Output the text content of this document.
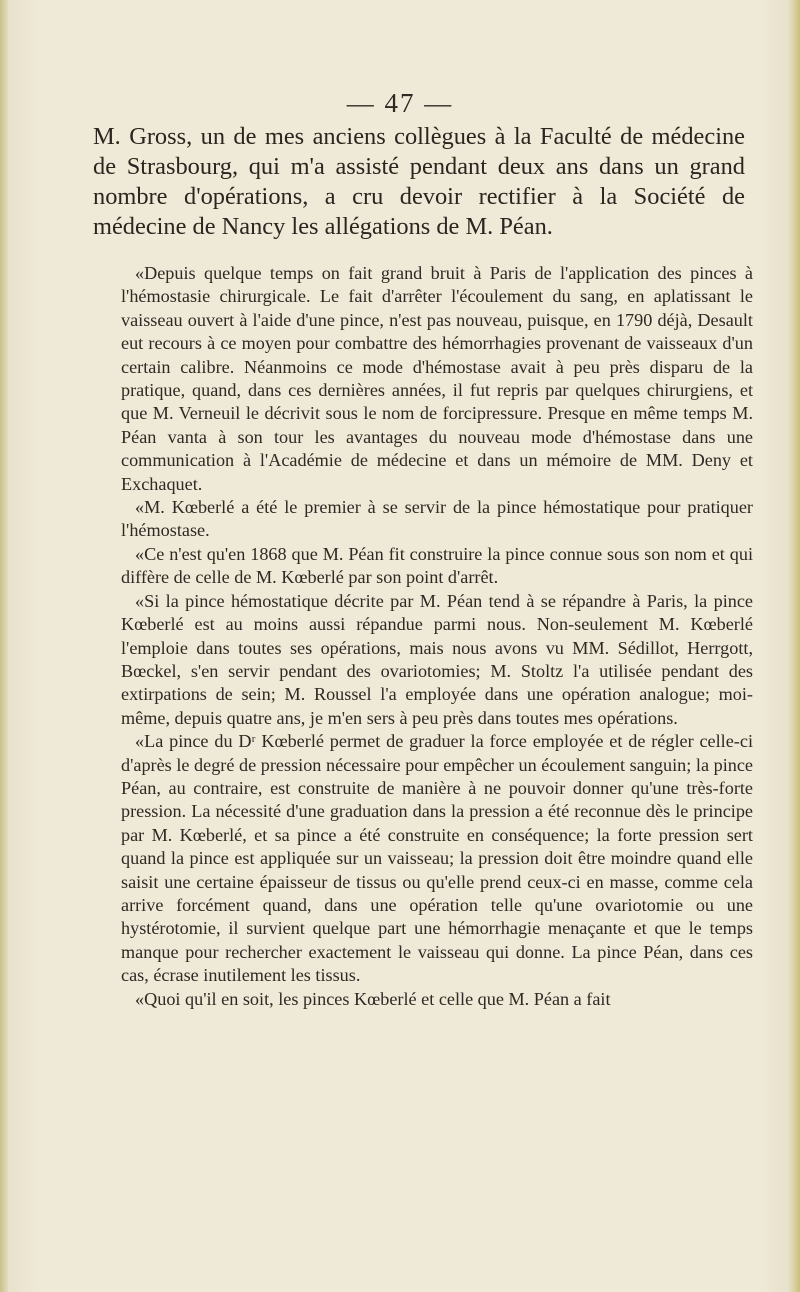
— 47 —
M. Gross, un de mes anciens collègues à la Faculté de médecine de Strasbourg, qui m'a assisté pendant deux ans dans un grand nombre d'opérations, a cru devoir rectifier à la Société de médecine de Nancy les allégations de M. Péan.

«Depuis quelque temps on fait grand bruit à Paris de l'application des pinces à l'hémostasie chirurgicale. Le fait d'arrêter l'écoulement du sang, en aplatissant le vaisseau ouvert à l'aide d'une pince, n'est pas nouveau, puisque, en 1790 déjà, Desault eut recours à ce moyen pour combattre des hémorrhagies provenant de vaisseaux d'un certain calibre. Néanmoins ce mode d'hémostase avait à peu près disparu de la pratique, quand, dans ces dernières années, il fut repris par quelques chirurgiens, et que M. Verneuil le décrivit sous le nom de forcipressure. Presque en même temps M. Péan vanta à son tour les avantages du nouveau mode d'hémostase dans une communication à l'Académie de médecine et dans un mémoire de MM. Deny et Exchaquet.

«M. Kœberlé a été le premier à se servir de la pince hémostatique pour pratiquer l'hémostase.

«Ce n'est qu'en 1868 que M. Péan fit construire la pince connue sous son nom et qui diffère de celle de M. Kœberlé par son point d'arrêt.

«Si la pince hémostatique décrite par M. Péan tend à se répandre à Paris, la pince Kœberlé est au moins aussi répandue parmi nous. Non-seulement M. Kœberlé l'emploie dans toutes ses opérations, mais nous avons vu MM. Sédillot, Herrgott, Bœckel, s'en servir pendant des ovariotomies; M. Stoltz l'a utilisée pendant des extirpations de sein; M. Roussel l'a employée dans une opération analogue; moi-même, depuis quatre ans, je m'en sers à peu près dans toutes mes opérations.

«La pince du Dʳ Kœberlé permet de graduer la force employée et de régler celle-ci d'après le degré de pression nécessaire pour empêcher un écoulement sanguin; la pince Péan, au contraire, est construite de manière à ne pouvoir donner qu'une très-forte pression. La nécessité d'une graduation dans la pression a été reconnue dès le principe par M. Kœberlé, et sa pince a été construite en conséquence; la forte pression sert quand la pince est appliquée sur un vaisseau; la pression doit être moindre quand elle saisit une certaine épaisseur de tissus ou qu'elle prend ceux-ci en masse, comme cela arrive forcément quand, dans une opération telle qu'une ovariotomie ou une hystérotomie, il survient quelque part une hémorrhagie menaçante et que le temps manque pour rechercher exactement le vaisseau qui donne. La pince Péan, dans ces cas, écrase inutilement les tissus.

«Quoi qu'il en soit, les pinces Kœberlé et celle que M. Péan a fait
